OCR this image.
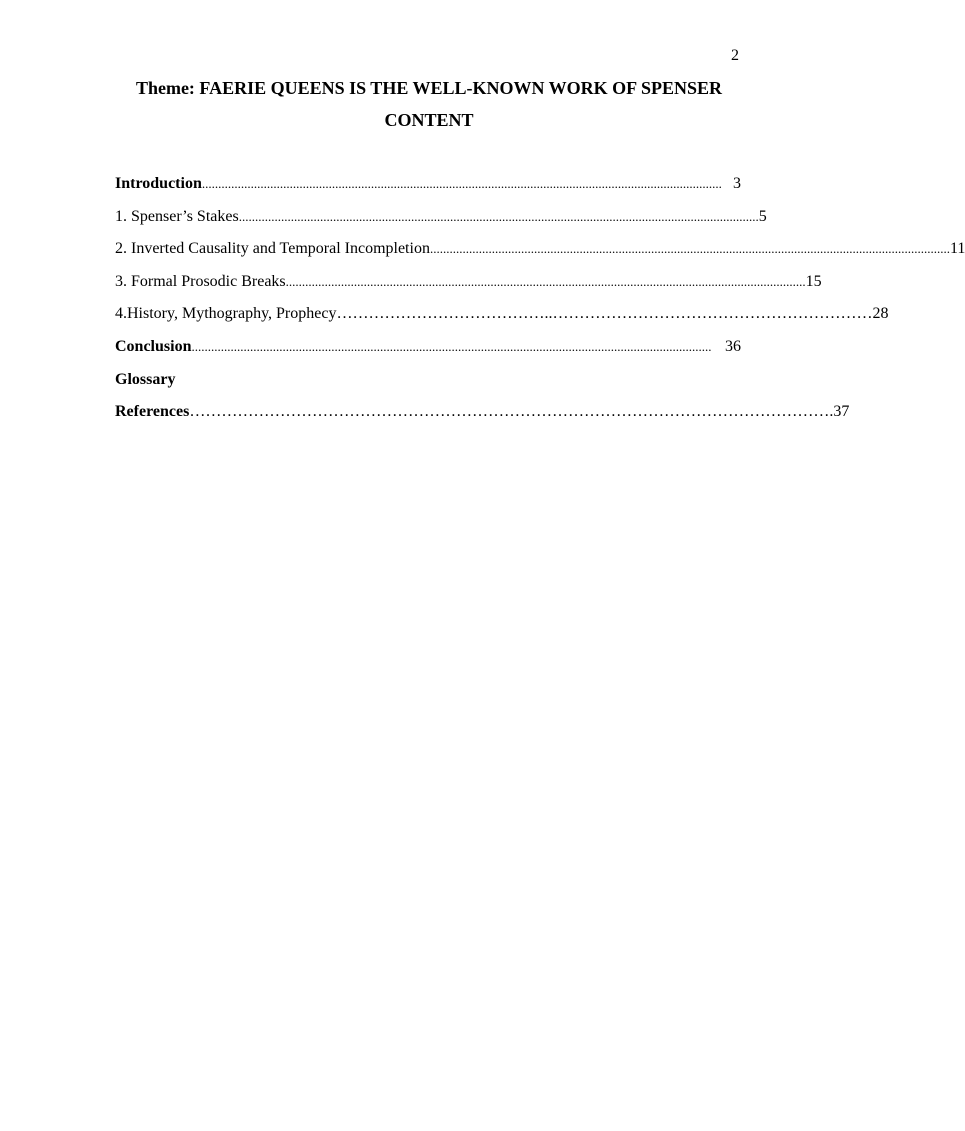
2
Theme: FAERIE QUEENS IS THE WELL-KNOWN WORK OF SPENSER
CONTENT
Introduction ................................................................................................................................................................ 3
1. Spenser’s Stakes ................................................................................................................................................................ 5
2. Inverted Causality and Temporal Incompletion ................................................................................................................................................................ 11
3. Formal Prosodic Breaks ................................................................................................................................................................ 15
4.History, Mythography, Prophecy …………………………………..…………………………………………………… 28
Conclusion ................................................................................................................................................................ 36
Glossary
References ………………………………………………………………………………………………………… .37
